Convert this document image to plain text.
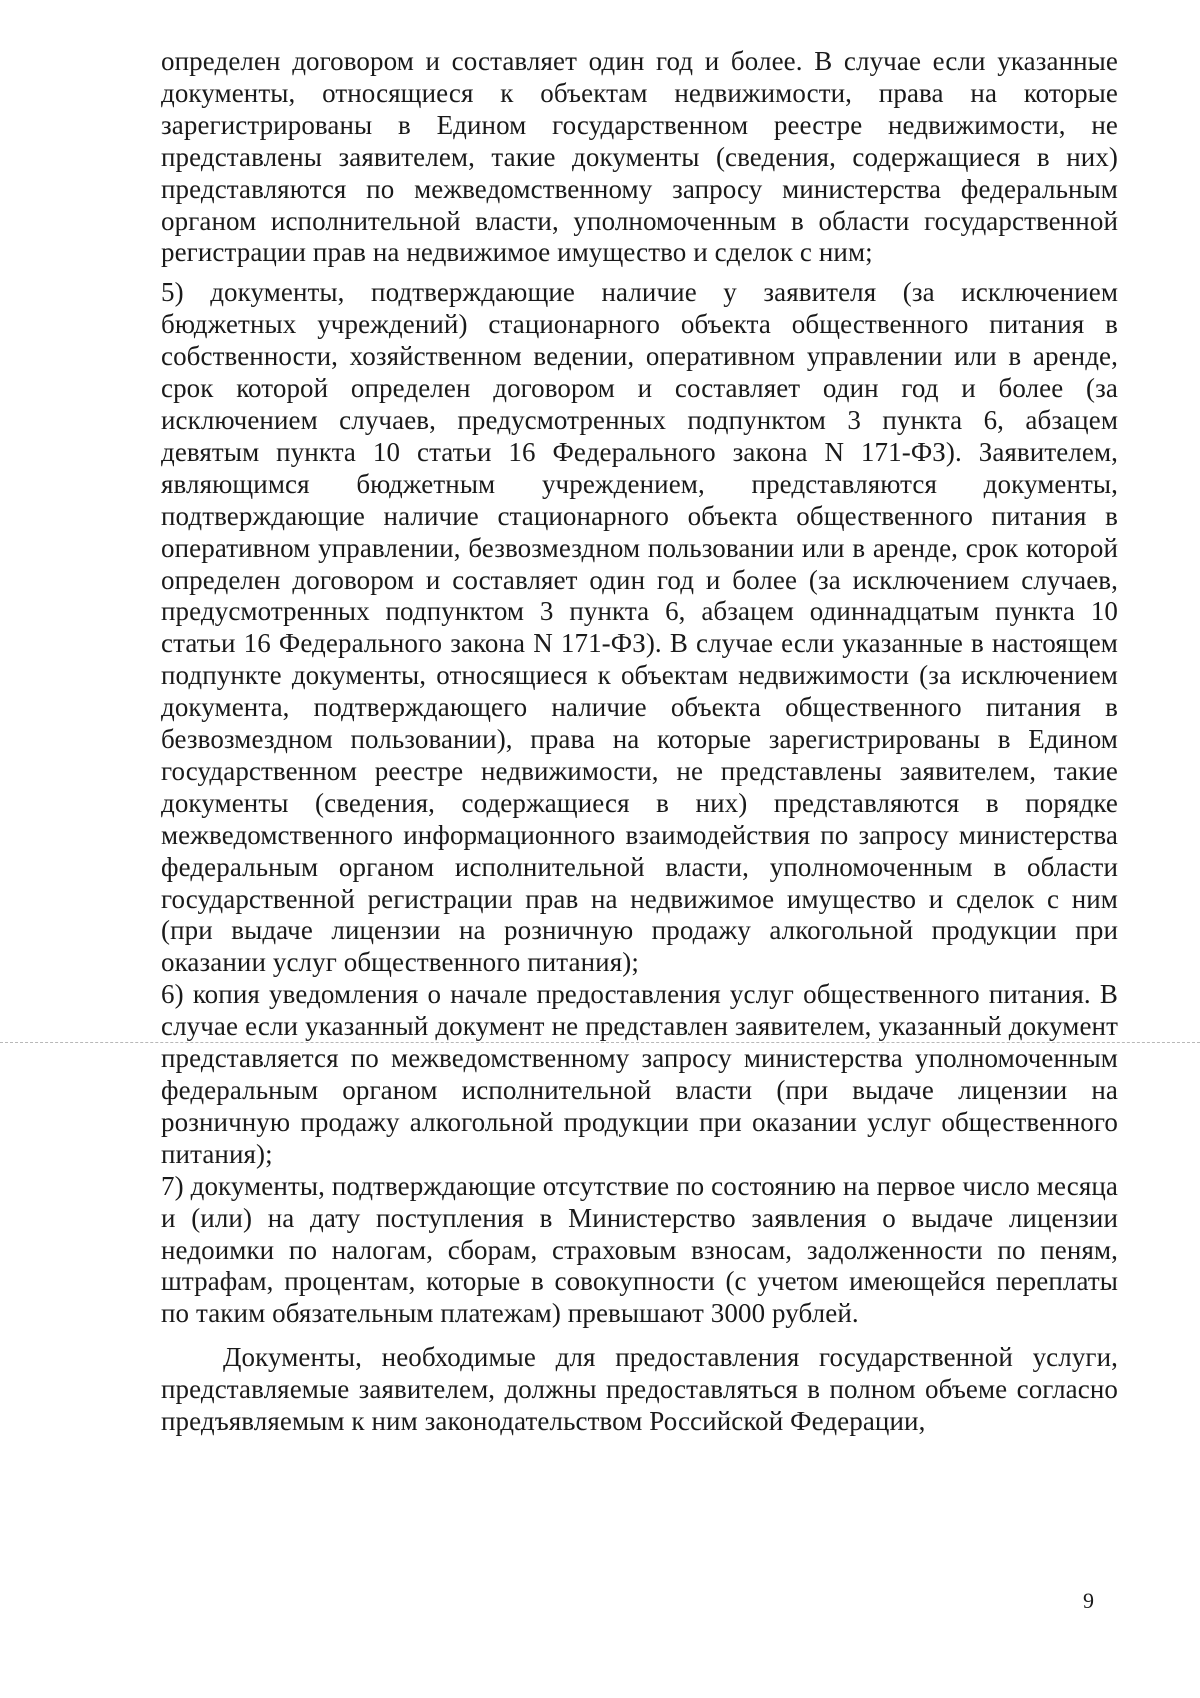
определен договором и составляет один год и более. В случае если указанные документы, относящиеся к объектам недвижимости, права на которые зарегистрированы в Едином государственном реестре недвижимости, не представлены заявителем, такие документы (сведения, содержащиеся в них) представляются по межведомственному запросу министерства федеральным органом исполнительной власти, уполномоченным в области государственной регистрации прав на недвижимое имущество и сделок с ним;

5) документы, подтверждающие наличие у заявителя (за исключением бюджетных учреждений) стационарного объекта общественного питания в собственности, хозяйственном ведении, оперативном управлении или в аренде, срок которой определен договором и составляет один год и более (за исключением случаев, предусмотренных подпунктом 3 пункта 6, абзацем девятым пункта 10 статьи 16 Федерального закона N 171-ФЗ). Заявителем, являющимся бюджетным учреждением, представляются документы, подтверждающие наличие стационарного объекта общественного питания в оперативном управлении, безвозмездном пользовании или в аренде, срок которой определен договором и составляет один год и более (за исключением случаев, предусмотренных подпунктом 3 пункта 6, абзацем одиннадцатым пункта 10 статьи 16 Федерального закона N 171-ФЗ). В случае если указанные в настоящем подпункте документы, относящиеся к объектам недвижимости (за исключением документа, подтверждающего наличие объекта общественного питания в безвозмездном пользовании), права на которые зарегистрированы в Едином государственном реестре недвижимости, не представлены заявителем, такие документы (сведения, содержащиеся в них) представляются в порядке межведомственного информационного взаимодействия по запросу министерства федеральным органом исполнительной власти, уполномоченным в области государственной регистрации прав на недвижимое имущество и сделок с ним (при выдаче лицензии на розничную продажу алкогольной продукции при оказании услуг общественного питания);

6) копия уведомления о начале предоставления услуг общественного питания. В случае если указанный документ не представлен заявителем, указанный документ представляется по межведомственному запросу министерства уполномоченным федеральным органом исполнительной власти (при выдаче лицензии на розничную продажу алкогольной продукции при оказании услуг общественного питания);

7) документы, подтверждающие отсутствие по состоянию на первое число месяца и (или) на дату поступления в Министерство заявления о выдаче лицензии недоимки по налогам, сборам, страховым взносам, задолженности по пеням, штрафам, процентам, которые в совокупности (с учетом имеющейся переплаты по таким обязательным платежам) превышают 3000 рублей.

Документы, необходимые для предоставления государственной услуги, представляемые заявителем, должны предоставляться в полном объеме согласно предъявляемым к ним законодательством Российской Федерации,

9
